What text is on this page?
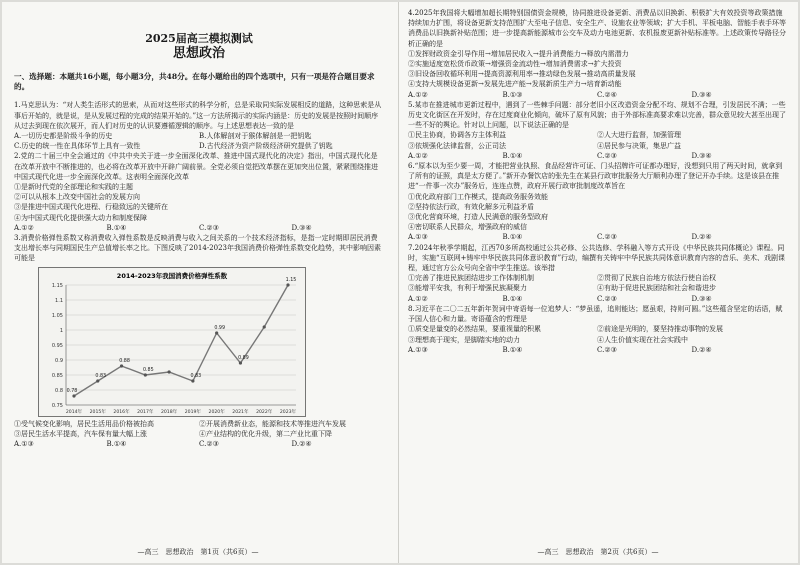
2025届高三模拟测试
思想政治

一、选择题：本题共16小题，每小题3分，共48分。在每小题给出的四个选项中，只有一项是符合题目要求的。

1.马克思认为：“对人类生活形式的思索，从而对这些形式的科学分析，总是采取同实际发展相反的道路，这种思索是从事后开始的，就是说，是从发展过程的完成的结果开始的。”这一方法所揭示的实际内涵是：历史的发展是按照时间顺序从过去到现在依次展开，而人们对历史的认识要遵循逻辑的顺序。与上述思想表达一致的是

A.一切历史都是阶级斗争的历史	B.人体解剖对于猴体解剖是一把钥匙
C.历史的统一性在具体环节上具有一致性	D.古代经济为资产阶级经济研究提供了钥匙

2.党的二十届三中全会通过的《中共中央关于进一步全面深化改革、推进中国式现代化的决定》指出，中国式现代化是在改革开放中不断推进的，也必将在改革开放中开辟广阔前景。全党必须自觉把改革摆在更加突出位置，紧紧围绕推进中国式现代化进一步全面深化改革。这表明全面深化改革

①是新时代党的全部理论和实践的主题

②可以从根本上改变中国社会的发展方向

③是推进中国式现代化进程、行稳致远的关键所在

④为中国式现代化提供强大动力和制度保障

A.①②	B.①④	C.②③	D.③④

3.消费价格弹性系数又称消费收入弹性系数是反映消费与收入之间关系的一个技术经济指标，是指一定时期即居民消费支出增长率与同期国民生产总值增长率之比。下图反映了2014-2023年我国消费价格弹性系数变化趋势，其中影响因素可能是

2014-2023年我国消费价格弹性系数
0.75
0.8
0.85
0.9
0.95
1
1.05
1.1
1.15
2014年 2015年 2016年 2017年 2018年 2019年 2020年 2021年 2022年 2023年
0.78
0.83
0.88
0.85
0.83
0.99
0.89
1.15
①受气候变化影响，居民生活用品价格被抬高	②开展消费新业态，能源和技术等推进汽车发展
③居民生活水平提高，汽车保有量大幅上涨	④产业结构的优化升级，第二产业比重下降
A.①③	B.①④	C.②③	D.②④
—高三　思想政治　第1页（共6页）—

4.2025年我国将大幅增加超长期特别国债资金规模，协同推进设备更新、消费品以旧换新、积极扩大有效投资等政策措施持续加力扩围，将设备更新支持范围扩大至电子信息、安全生产、设施农业等领域；扩大手机、平板电脑、智能手表手环等消费品以旧换新补贴范围；进一步提高新能源城市公交车及动力电池更新、农机报废更新补贴标准等。上述政策传导路径分析正确的是

①发挥财政资金引导作用→增加居民收入→提升消费能力→释放内需潜力

②实施适度宽松货币政策→增强资金流动性→增加消费需求→扩大投资

③旧设备回收循环利用→提高资源利用率→推动绿色发展→推动高质量发展

④支持大规模设备更新→发展先进产能→发展新质生产力→培育新动能

A.①②	B.①③	C.②④	D.③④

5.某市在推进城市更新过程中，遇到了一些棘手问题：部分老旧小区改造资金分配不均、规划不合理，引发居民不满；一些历史文化街区在开发时，存在过度商业化倾向，破坏了原有风貌；由于外部标准高要求难以完善，群众意见较大甚至出现了一些不好的舆论。针对以上问题，以下说法正确的是

①民主协商，协调各方主体利益	②人大进行监督，加强管理
③依规强化法律监督，公正司法	④居民参与决策，集思广益
A.①②	B.①④	C.②③	D.③④

6.“原本以为至少要一周，才能把营业执照、食品经营许可证、门头招牌许可证都办理好，没想到只用了两天时间，就拿到了所有的证照，真是太方便了。”新开办餐饮店的张先生在某县行政审批服务大厅顺利办理了登记开办手续。这是该县在推进“一件事一次办”服务后，连连点赞，政府开展行政审批制度改革旨在

①优化政府部门工作模式，提高政务服务效能

②坚持依法行政，有效化解多元利益矛盾

③优化营商环境，打造人民满意的服务型政府

④密切联系人民群众，增强政府的威信

A.①③	B.①④	C.②③	D.②④

7.2024年秋季学期起，江西70多所高校通过公共必修、公共选修、学科融入等方式开设《中华民族共同体概论》课程。同时，实施“互联网+铸牢中华民族共同体意识教育”行动，编撰有关铸牢中华民族共同体意识教育内容的音乐、美术、戏剧课程，通过官方公众号向全省中学生推送。该举措

①完善了推进民族团结进步工作体制机制	②贯彻了民族自治地方依法行使自治权
③能增平安我，有利于增强民族凝聚力	④有助于促进民族团结和社会和谐进步
A.①②	B.①④	C.②③	D.③④

8.习近平在二〇二五年新年贺词中寄语每一位追梦人：“梦虽遥，追则能达；愿虽艰，持则可圆。”这些蕴含坚定的话语，赋予国人信心和力量。寄语蕴含的哲理是

①质变是量变的必然结果，要重视量的积累	②前途是光明的，要坚持推动事物的发展
③理想高于现实，是脚踏实地的动力	④人生价值实现在社会实践中
A.①③	B.①④	C.②③	D.②④
—高三　思想政治　第2页（共6页）—
